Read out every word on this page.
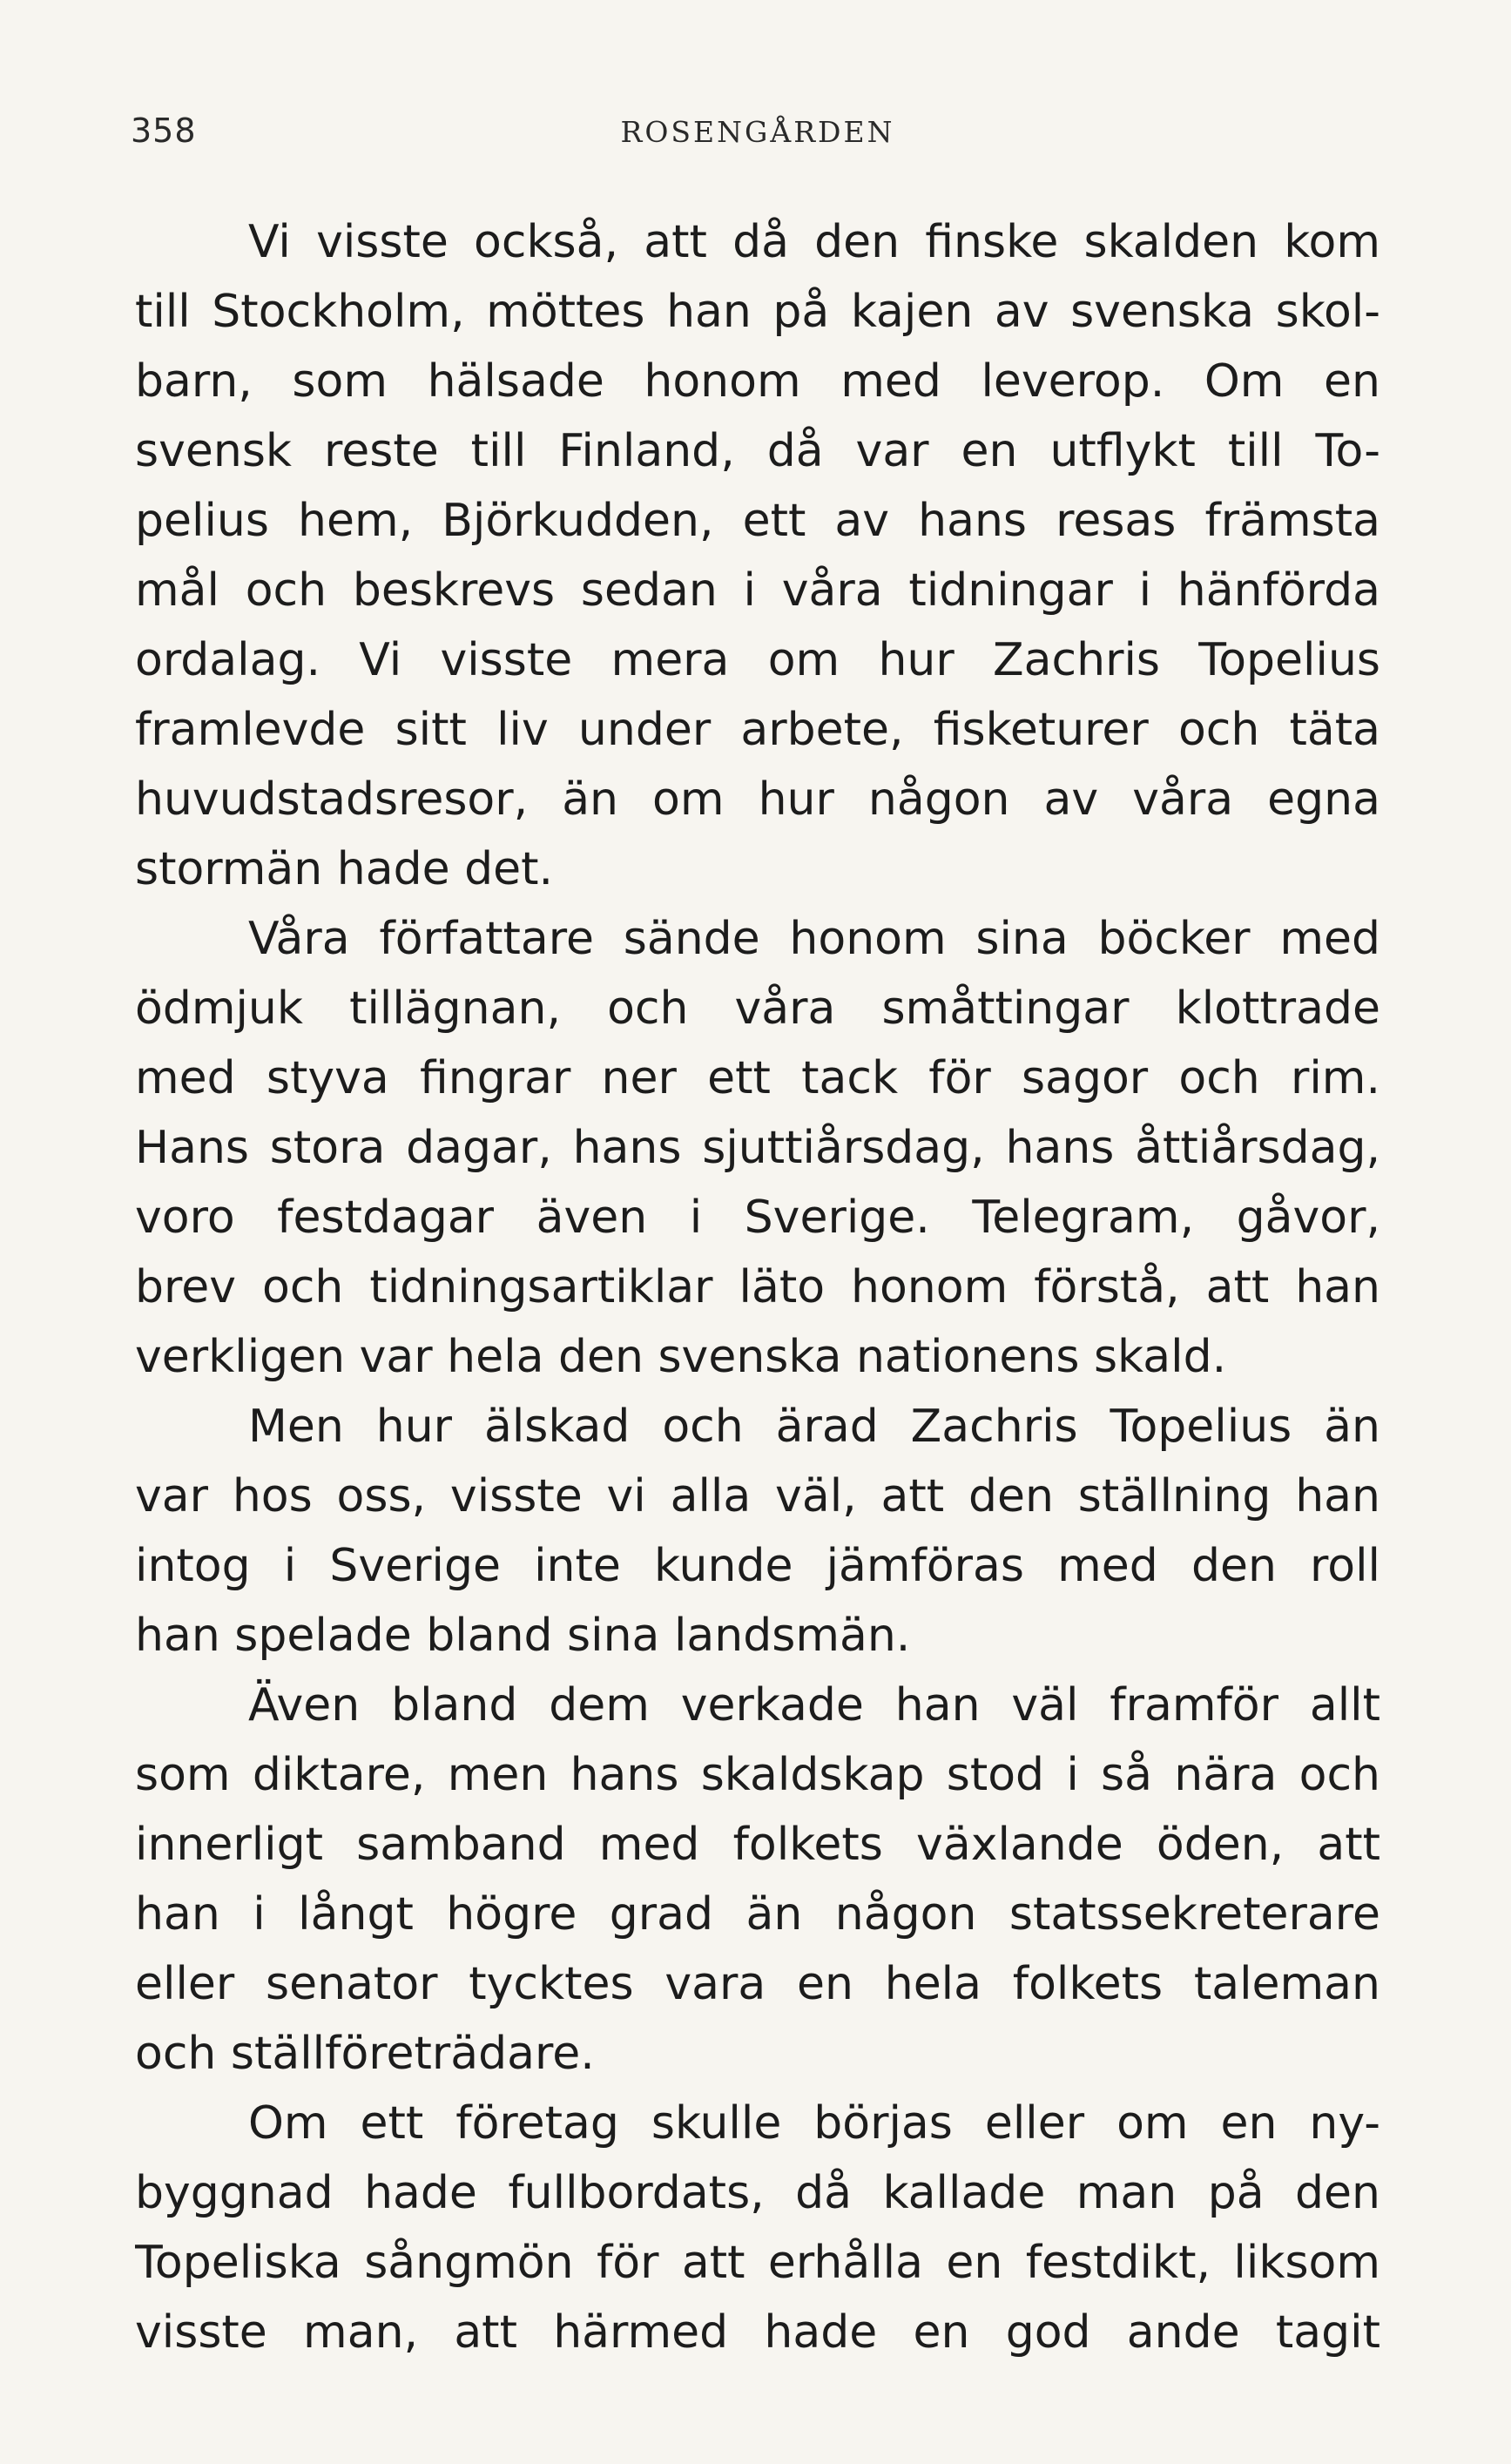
358	ROSENGÅRDEN
Vi visste också, att då den finske skalden kom
till Stockholm, möttes han på kajen av svenska skol-
barn, som hälsade honom med leverop. Om en
svensk reste till Finland, då var en utflykt till To-
pelius hem, Björkudden, ett av hans resas främsta
mål och beskrevs sedan i våra tidningar i hänförda
ordalag. Vi visste mera om hur Zachris Topelius
framlevde sitt liv under arbete, fisketurer och täta
huvudstadsresor, än om hur någon av våra egna
stormän hade det.
Våra författare sände honom sina böcker med
ödmjuk tillägnan, och våra småttingar klottrade
med styva fingrar ner ett tack för sagor och rim.
Hans stora dagar, hans sjuttiårsdag, hans åttiårsdag,
voro festdagar även i Sverige. Telegram, gåvor,
brev och tidningsartiklar läto honom förstå, att han
verkligen var hela den svenska nationens skald.
Men hur älskad och ärad Zachris Topelius än
var hos oss, visste vi alla väl, att den ställning han
intog i Sverige inte kunde jämföras med den roll
han spelade bland sina landsmän.
Även bland dem verkade han väl framför allt
som diktare, men hans skaldskap stod i så nära och
innerligt samband med folkets växlande öden, att
han i långt högre grad än någon statssekreterare
eller senator tycktes vara en hela folkets taleman
och ställföreträdare.
Om ett företag skulle börjas eller om en ny-
byggnad hade fullbordats, då kallade man på den
Topeliska sångmön för att erhålla en festdikt, liksom
visste man, att härmed hade en god ande tagit
